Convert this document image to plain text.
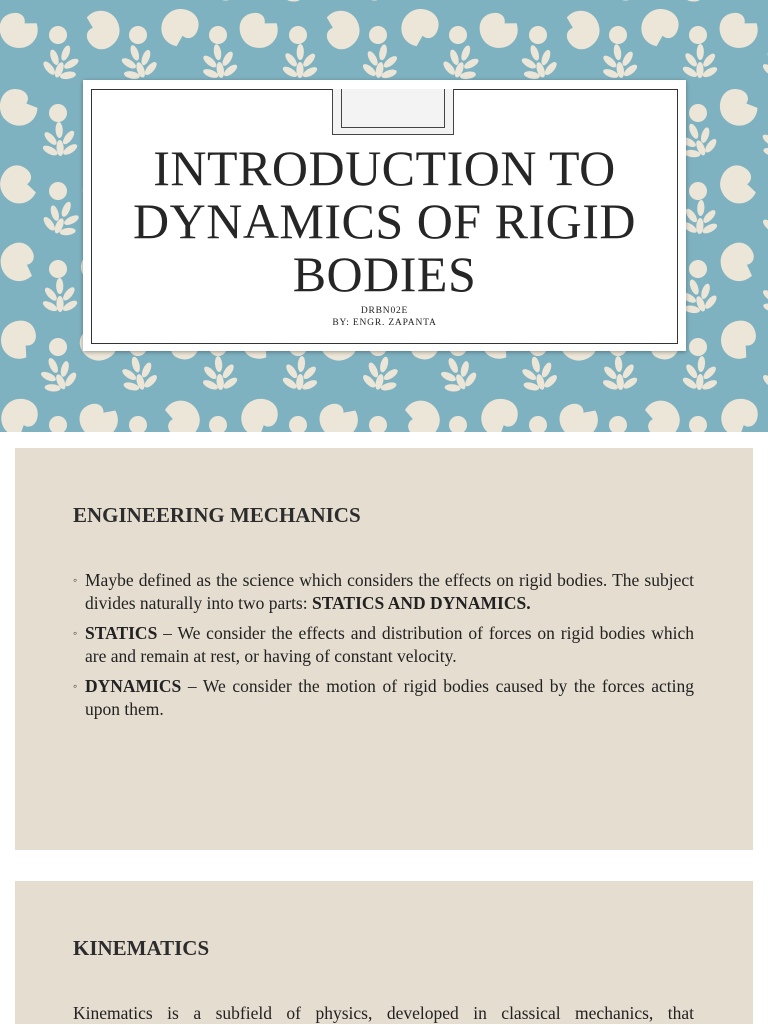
INTRODUCTION TO DYNAMICS OF RIGID BODIES
DRBN02E
BY: ENGR. ZAPANTA
ENGINEERING MECHANICS
◦ Maybe defined as the science which considers the effects on rigid bodies. The subject divides naturally into two parts: STATICS AND DYNAMICS.
◦ STATICS – We consider the effects and distribution of forces on rigid bodies which are and remain at rest, or having of constant velocity.
◦ DYNAMICS – We consider the motion of rigid bodies caused by the forces acting upon them.
KINEMATICS
Kinematics is a subfield of physics, developed in classical mechanics, that
